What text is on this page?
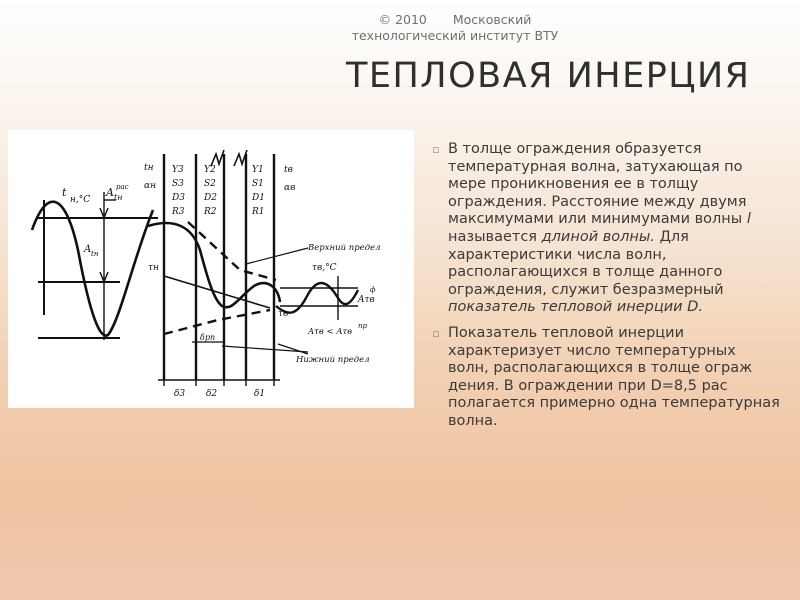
© 2010 Московский
технологический институт ВТУ
ТЕПЛОВАЯ ИНЕРЦИЯ
t
н,°С
A tн
рас
A tн
tн
αн
τн
Y3
S3
D3
R3
Y2
S2
D2
R2
Y1
S1
D1
R1
tв
αв
Верхний предел
Нижний предел
τв,°С
τв
Aτв
ф
Aτв < Aτв
пр
δрп
δ3 δ2	δ1
▫ В толще ограждения образуется температурная волна, затухающая по мере проникновения ее в толщу ограждения. Расстояние между двумя максимумами или минимумами волны l называется длиной волны. Для характеристики числа волн, располагающихся в толще данного ограждения, служит безразмерный показатель тепловой инерции D.
▫ Показатель тепловой инерции характеризует число температурных волн, располагающихся в толще ограж дения. В ограждении при D=8,5 рас полагается примерно одна температурная волна.
